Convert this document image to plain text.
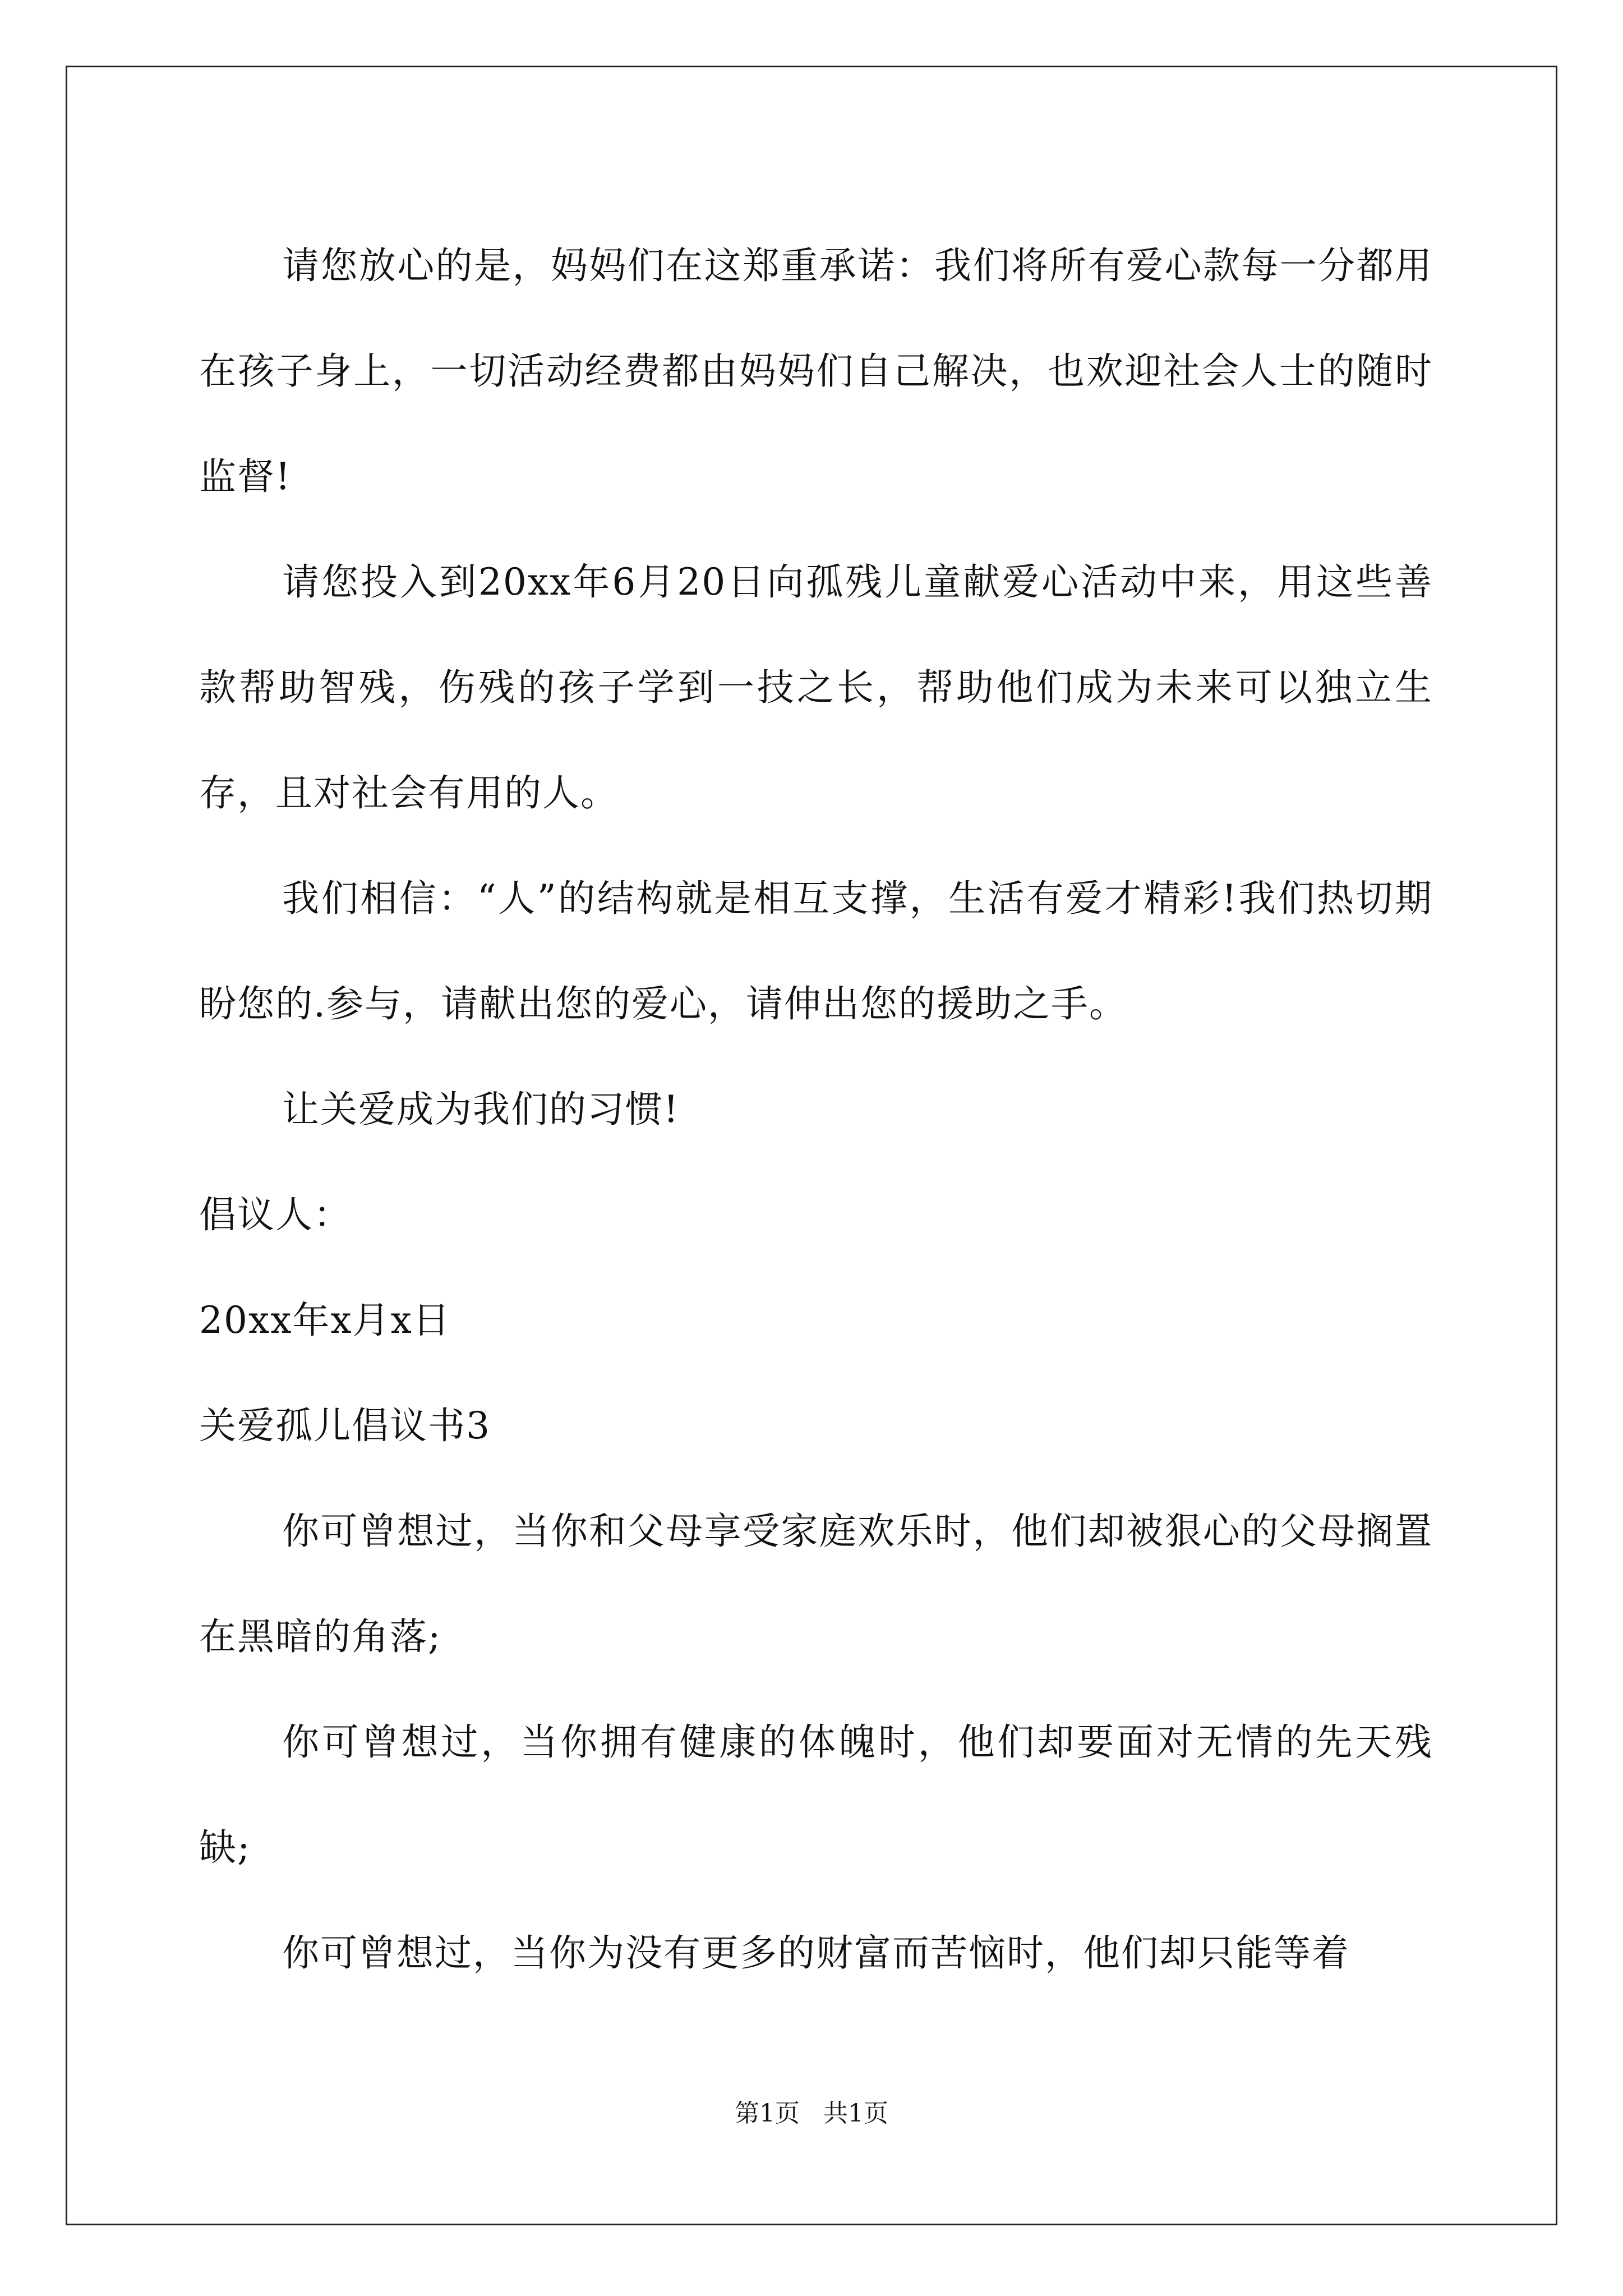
请您放心的是，妈妈们在这郑重承诺：我们将所有爱心款每一分都用在孩子身上，一切活动经费都由妈妈们自己解决，也欢迎社会人士的随时监督!

请您投入到20xx年6月20日向孤残儿童献爱心活动中来，用这些善款帮助智残，伤残的孩子学到一技之长，帮助他们成为未来可以独立生存，且对社会有用的人。

我们相信：“人”的结构就是相互支撑，生活有爱才精彩!我们热切期盼您的.参与，请献出您的爱心，请伸出您的援助之手。

让关爱成为我们的习惯!

倡议人：

20xx年x月x日

关爱孤儿倡议书3

你可曾想过，当你和父母享受家庭欢乐时，他们却被狠心的父母搁置在黑暗的角落;

你可曾想过，当你拥有健康的体魄时，他们却要面对无情的先天残缺;

你可曾想过，当你为没有更多的财富而苦恼时，他们却只能等着

第1页   共1页
